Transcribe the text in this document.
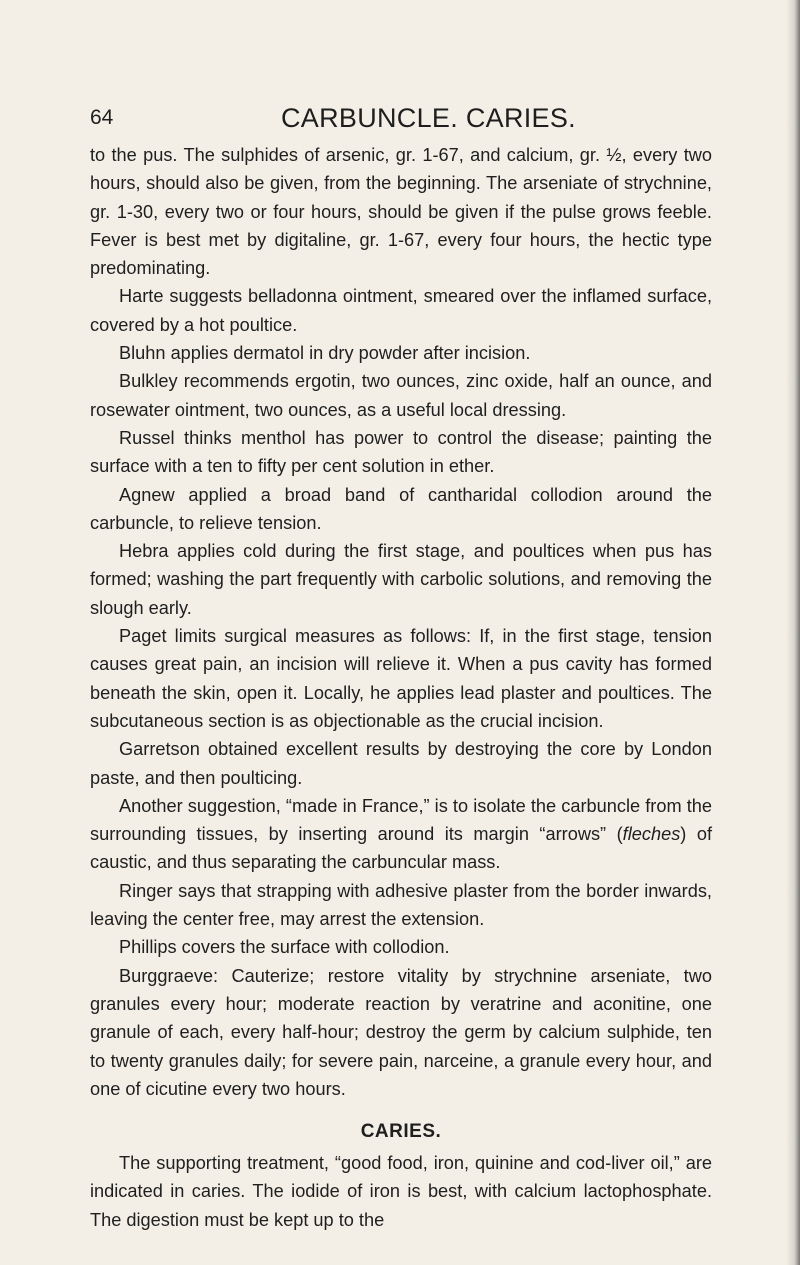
64	CARBUNCLE. CARIES.

to the pus. The sulphides of arsenic, gr. 1-67, and calcium, gr. ½, every two hours, should also be given, from the beginning. The arseniate of strychnine, gr. 1-30, every two or four hours, should be given if the pulse grows feeble. Fever is best met by digitaline, gr. 1-67, every four hours, the hectic type predominating.

Harte suggests belladonna ointment, smeared over the inflamed surface, covered by a hot poultice.

Bluhn applies dermatol in dry powder after incision.

Bulkley recommends ergotin, two ounces, zinc oxide, half an ounce, and rosewater ointment, two ounces, as a useful local dressing.

Russel thinks menthol has power to control the disease; painting the surface with a ten to fifty per cent solution in ether.

Agnew applied a broad band of cantharidal collodion around the carbuncle, to relieve tension.

Hebra applies cold during the first stage, and poultices when pus has formed; washing the part frequently with carbolic solutions, and removing the slough early.

Paget limits surgical measures as follows: If, in the first stage, tension causes great pain, an incision will relieve it. When a pus cavity has formed beneath the skin, open it. Locally, he applies lead plaster and poultices. The subcutaneous section is as objectionable as the crucial incision.

Garretson obtained excellent results by destroying the core by London paste, and then poulticing.

Another suggestion, “made in France,” is to isolate the carbuncle from the surrounding tissues, by inserting around its margin “arrows” (fleches) of caustic, and thus separating the carbuncular mass.

Ringer says that strapping with adhesive plaster from the border inwards, leaving the center free, may arrest the extension.

Phillips covers the surface with collodion.

Burggraeve: Cauterize; restore vitality by strychnine arseniate, two granules every hour; moderate reaction by veratrine and aconitine, one granule of each, every half-hour; destroy the germ by calcium sulphide, ten to twenty granules daily; for severe pain, narceine, a granule every hour, and one of cicutine every two hours.

CARIES.

The supporting treatment, “good food, iron, quinine and cod-liver oil,” are indicated in caries. The iodide of iron is best, with calcium lactophosphate. The digestion must be kept up to the
